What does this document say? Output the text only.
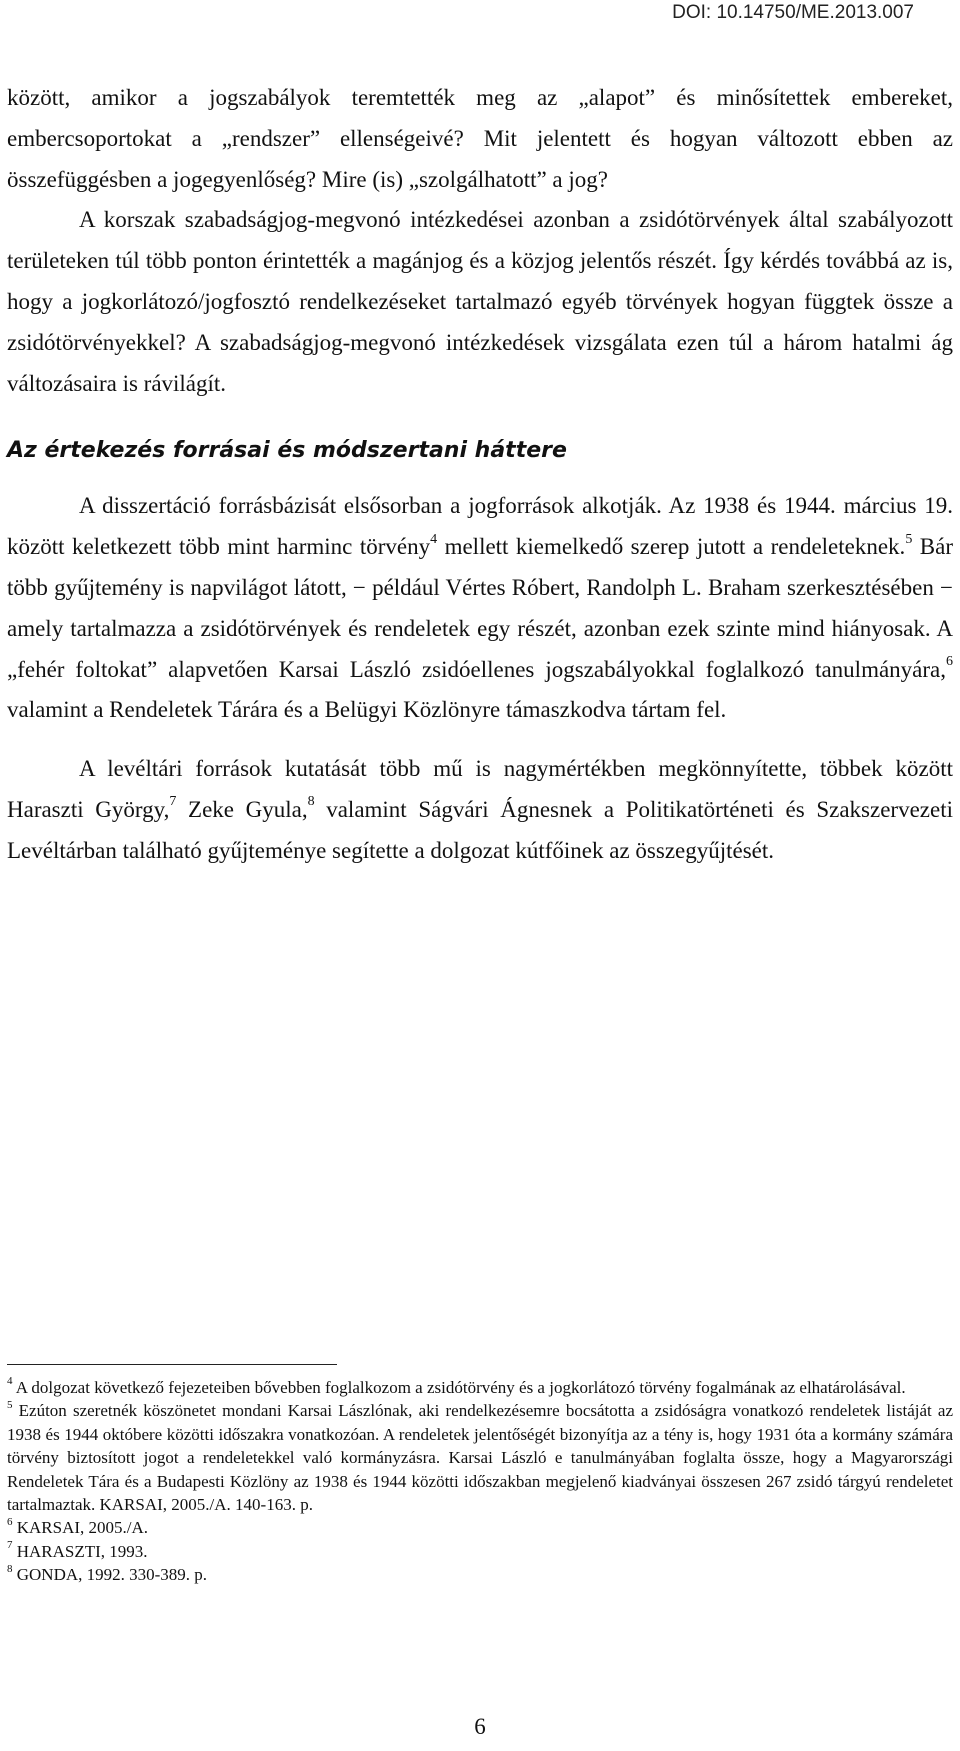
DOI: 10.14750/ME.2013.007

között, amikor a jogszabályok teremtették meg az „alapot” és minősítettek embereket, embercsoportokat a „rendszer” ellenségeivé? Mit jelentett és hogyan változott ebben az összefüggésben a jogegyenlőség? Mire (is) „szolgálhatott” a jog?

A korszak szabadságjog-megvonó intézkedései azonban a zsidótörvények által szabályozott területeken túl több ponton érintették a magánjog és a közjog jelentős részét. Így kérdés továbbá az is, hogy a jogkorlátozó/jogfosztó rendelkezéseket tartalmazó egyéb törvények hogyan függtek össze a zsidótörvényekkel? A szabadságjog-megvonó intézkedések vizsgálata ezen túl a három hatalmi ág változásaira is rávilágít.

Az értekezés forrásai és módszertani háttere

A disszertáció forrásbázisát elsősorban a jogforrások alkotják. Az 1938 és 1944. március 19. között keletkezett több mint harminc törvény$^4$ mellett kiemelkedő szerep jutott a rendeleteknek.$^5$ Bár több gyűjtemény is napvilágot látott, − például Vértes Róbert, Randolph L. Braham szerkesztésében − amely tartalmazza a zsidótörvények és rendeletek egy részét, azonban ezek szinte mind hiányosak. A „fehér foltokat” alapvetően Karsai László zsidóellenes jogszabályokkal foglalkozó tanulmányára,$^6$ valamint a Rendeletek Tárára és a Belügyi Közlönyre támaszkodva tártam fel.

A levéltári források kutatását több mű is nagymértékben megkönnyítette, többek között Haraszti György,$^7$ Zeke Gyula,$^8$ valamint Ságvári Ágnesnek a Politikatörténeti és Szakszervezeti Levéltárban található gyűjteménye segítette a dolgozat kútfőinek az összegyűjtését.

$^4$ A dolgozat következő fejezeteiben bővebben foglalkozom a zsidótörvény és a jogkorlátozó törvény fogalmának az elhatárolásával.

$^5$ Ezúton szeretnék köszönetet mondani Karsai Lászlónak, aki rendelkezésemre bocsátotta a zsidóságra vonatkozó rendeletek listáját az 1938 és 1944 októbere közötti időszakra vonatkozóan. A rendeletek jelentőségét bizonyítja az a tény is, hogy 1931 óta a kormány számára törvény biztosított jogot a rendeletekkel való kormányzásra. Karsai László e tanulmányában foglalta össze, hogy a Magyarországi Rendeletek Tára és a Budapesti Közlöny az 1938 és 1944 közötti időszakban megjelenő kiadványai összesen 267 zsidó tárgyú rendeletet tartalmaztak. KARSAI, 2005./A. 140-163. p.

$^6$ KARSAI, 2005./A.

$^7$ HARASZTI, 1993.

$^8$ GONDA, 1992. 330-389. p.

6
